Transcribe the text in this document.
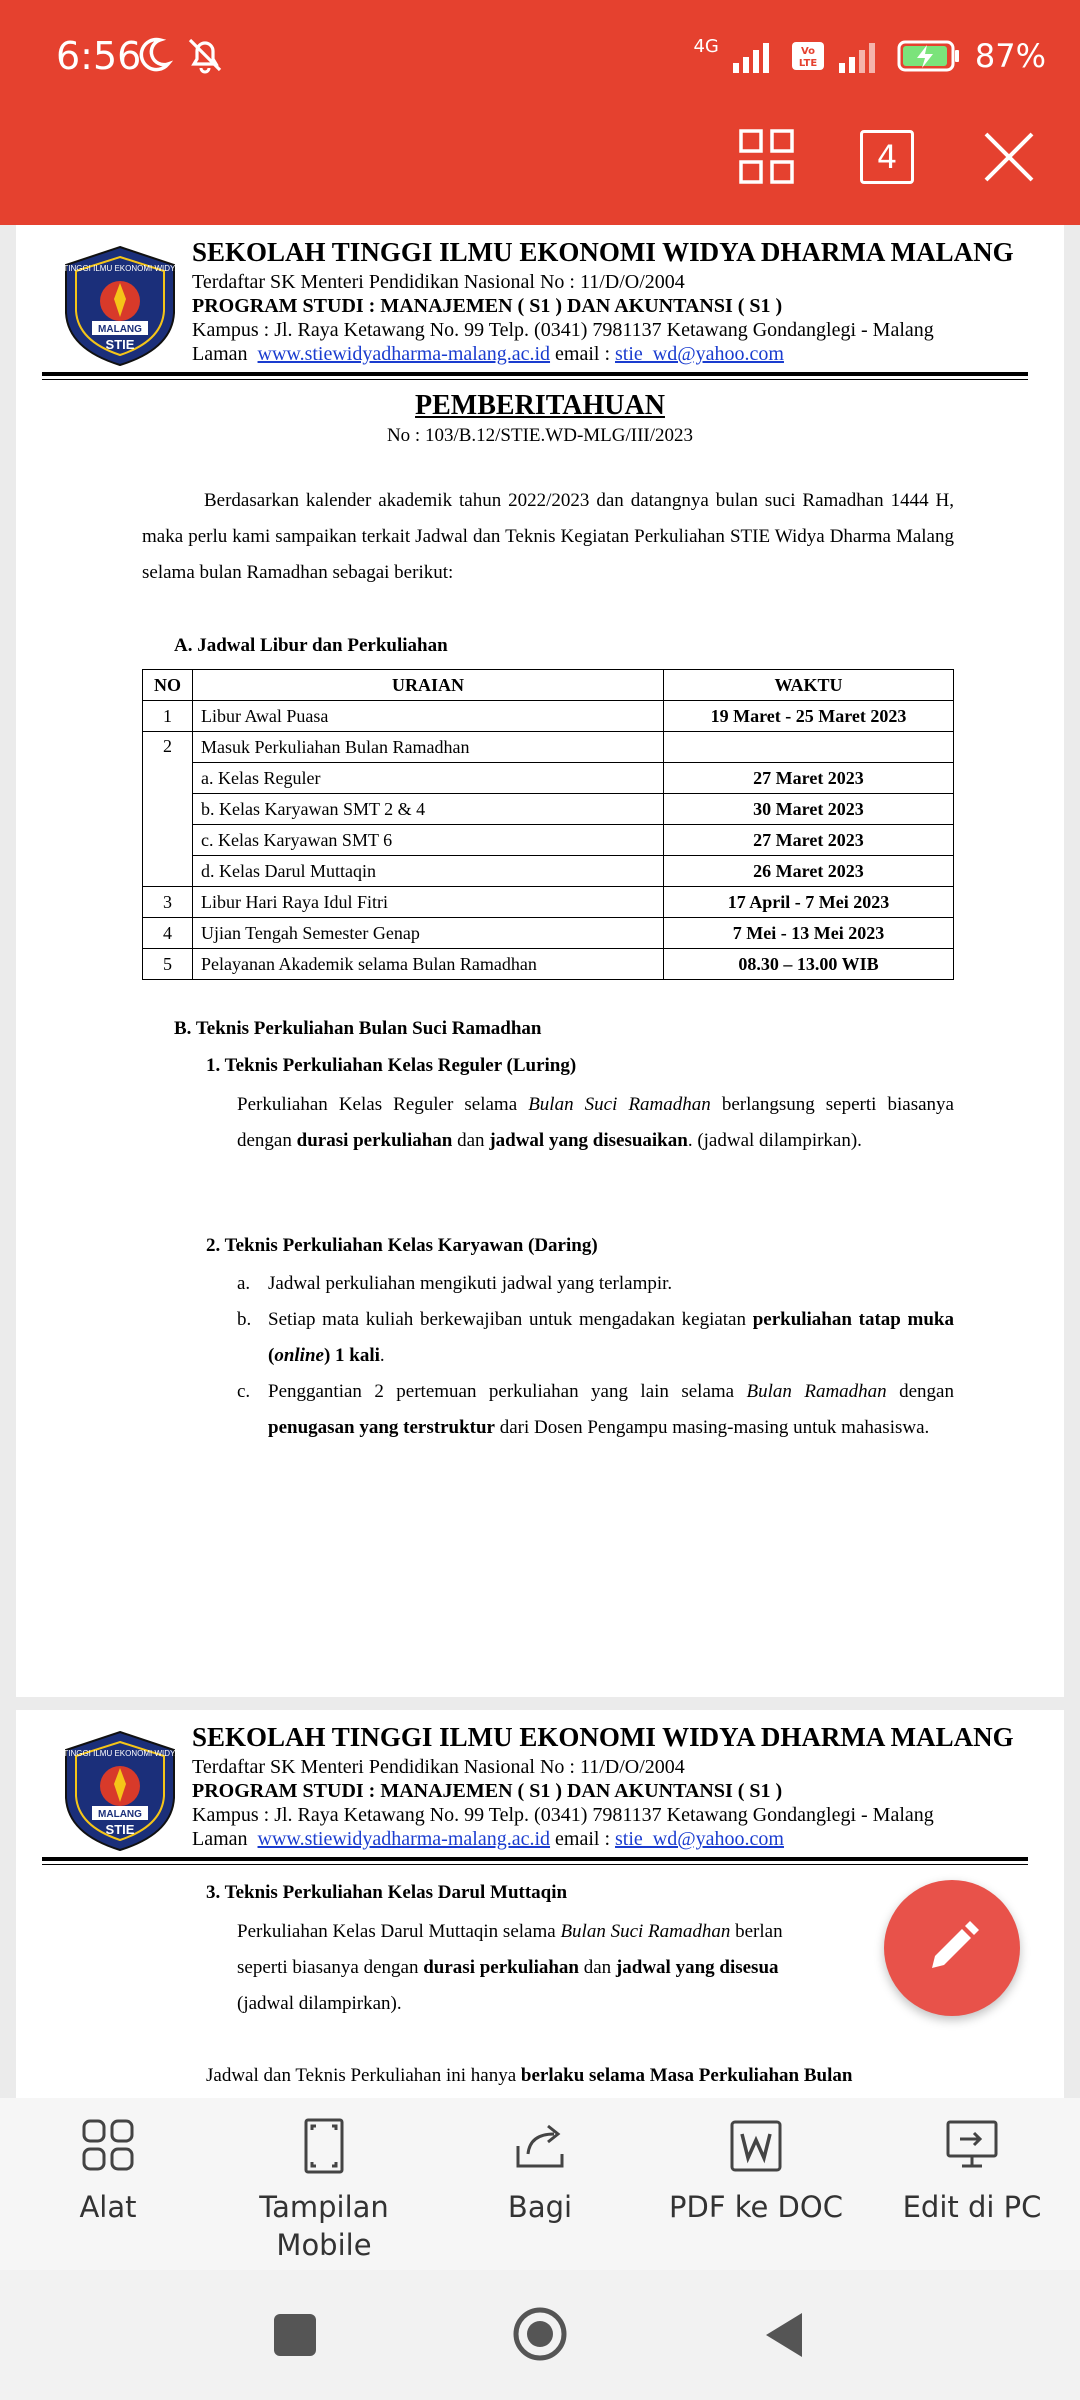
6:56	4G	Vo
LTE	87%
4
SEKOLAH TINGGI ILMU EKONOMI WIDYA DHARMA
MALANG
STIE
SEKOLAH TINGGI ILMU EKONOMI WIDYA DHARMA MALANG
Terdaftar SK Menteri Pendidikan Nasional No : 11/D/O/2004
PROGRAM STUDI : MANAJEMEN ( S1 ) DAN AKUNTANSI ( S1 )
Kampus : Jl. Raya Ketawang No. 99 Telp. (0341) 7981137 Ketawang Gondanglegi - Malang
Laman www.stiewidyadharma-malang.ac.id email : stie_wd@yahoo.com
PEMBERITAHUAN
No : 103/B.12/STIE.WD-MLG/III/2023
Berdasarkan kalender akademik tahun 2022/2023 dan datangnya bulan suci Ramadhan 1444 H, maka perlu kami sampaikan terkait Jadwal dan Teknis Kegiatan Perkuliahan STIE Widya Dharma Malang selama bulan Ramadhan sebagai berikut:
A. Jadwal Libur dan Perkuliahan
NO	URAIAN	WAKTU
1	Libur Awal Puasa	19 Maret - 25 Maret 2023
2	Masuk Perkuliahan Bulan Ramadhan	
	a. Kelas Reguler	27 Maret 2023
	b. Kelas Karyawan SMT 2 & 4	30 Maret 2023
	c. Kelas Karyawan SMT 6	27 Maret 2023
	d. Kelas Darul Muttaqin	26 Maret 2023
3	Libur Hari Raya Idul Fitri	17 April - 7 Mei 2023
4	Ujian Tengah Semester Genap	7 Mei - 13 Mei 2023
5	Pelayanan Akademik selama Bulan Ramadhan	08.30 – 13.00 WIB
B. Teknis Perkuliahan Bulan Suci Ramadhan
1. Teknis Perkuliahan Kelas Reguler (Luring)
Perkuliahan Kelas Reguler selama Bulan Suci Ramadhan berlangsung seperti biasanya dengan durasi perkuliahan dan jadwal yang disesuaikan. (jadwal dilampirkan).
2. Teknis Perkuliahan Kelas Karyawan (Daring)
a. Jadwal perkuliahan mengikuti jadwal yang terlampir.
b. Setiap mata kuliah berkewajiban untuk mengadakan kegiatan perkuliahan tatap muka (online) 1 kali.
c. Penggantian 2 pertemuan perkuliahan yang lain selama Bulan Ramadhan dengan penugasan yang terstruktur dari Dosen Pengampu masing-masing untuk mahasiswa.
SEKOLAH TINGGI ILMU EKONOMI WIDYA DHARMA
MALANG
STIE
SEKOLAH TINGGI ILMU EKONOMI WIDYA DHARMA MALANG
Terdaftar SK Menteri Pendidikan Nasional No : 11/D/O/2004
PROGRAM STUDI : MANAJEMEN ( S1 ) DAN AKUNTANSI ( S1 )
Kampus : Jl. Raya Ketawang No. 99 Telp. (0341) 7981137 Ketawang Gondanglegi - Malang
Laman www.stiewidyadharma-malang.ac.id email : stie_wd@yahoo.com
3. Teknis Perkuliahan Kelas Darul Muttaqin
Perkuliahan Kelas Darul Muttaqin selama Bulan Suci Ramadhan berlan
seperti biasanya dengan durasi perkuliahan dan jadwal yang disesua
(jadwal dilampirkan).
Jadwal dan Teknis Perkuliahan ini hanya berlaku selama Masa Perkuliahan Bulan
Alat	Tampilan Mobile
Bagi	PDF ke DOC Edit di PC
